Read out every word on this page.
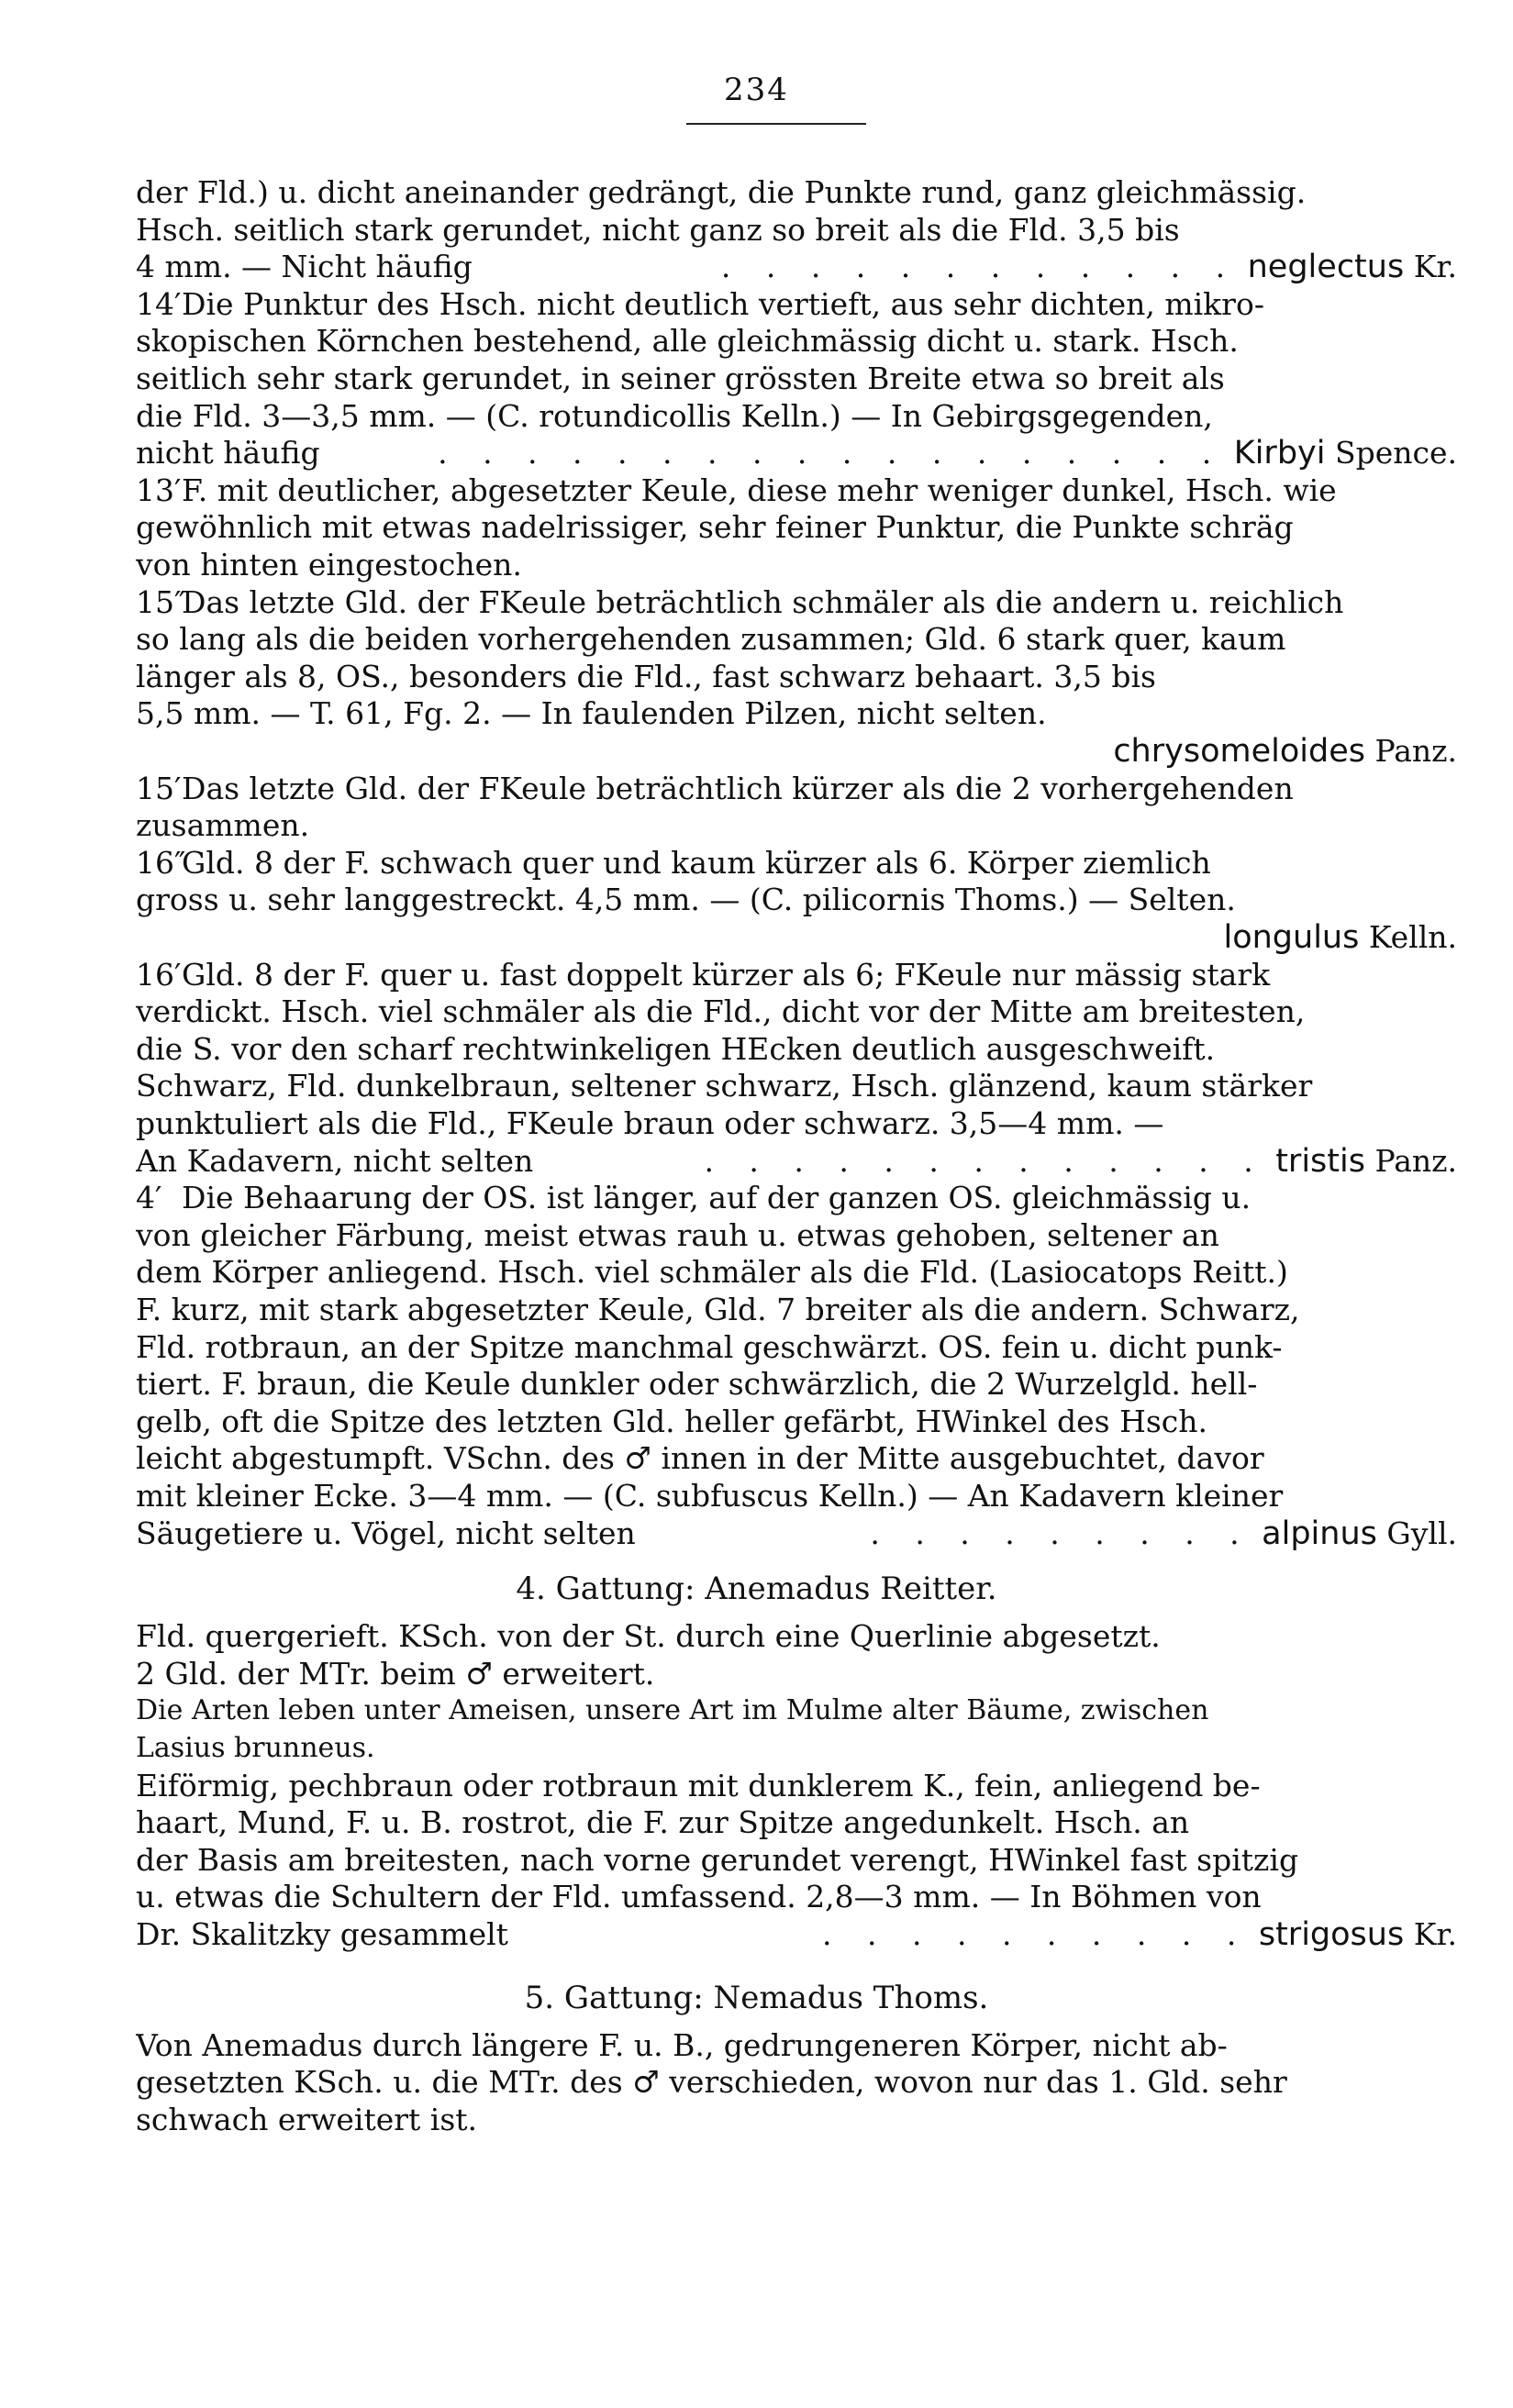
234
der Fld.) u. dicht aneinander gedrängt, die Punkte rund, ganz gleichmässig.
Hsch. seitlich stark gerundet, nicht ganz so breit als die Fld. 3,5 bis
4 mm. — Nicht häufig	. . . . . . . . . . . . neglectus Kr.
14′ Die Punktur des Hsch. nicht deutlich vertieft, aus sehr dichten, mikro-
skopischen Körnchen bestehend, alle gleichmässig dicht u. stark. Hsch.
seitlich sehr stark gerundet, in seiner grössten Breite etwa so breit als
die Fld. 3—3,5 mm. — (C. rotundicollis Kelln.) — In Gebirgsgegenden,
nicht häufig	. . . . . . . . . . . . . . . . . . Kirbyi Spence.
13′ F. mit deutlicher, abgesetzter Keule, diese mehr weniger dunkel, Hsch. wie
gewöhnlich mit etwas nadelrissiger, sehr feiner Punktur, die Punkte schräg
von hinten eingestochen.
15″
Das letzte Gld. der FKeule beträchtlich schmäler als die andern u. reichlich
so lang als die beiden vorhergehenden zusammen; Gld. 6 stark quer, kaum
länger als 8, OS., besonders die Fld., fast schwarz behaart. 3,5 bis
5,5 mm. — T. 61, Fg. 2. — In faulenden Pilzen, nicht selten.
chrysomeloides Panz.
15′ Das letzte Gld. der FKeule beträchtlich kürzer als die 2 vorhergehenden
zusammen.
16″
Gld. 8 der F. schwach quer und kaum kürzer als 6. Körper ziemlich
gross u. sehr langgestreckt. 4,5 mm. — (C. pilicornis Thoms.) — Selten.
longulus Kelln.
16′ Gld. 8 der F. quer u. fast doppelt kürzer als 6; FKeule nur mässig stark
verdickt. Hsch. viel schmäler als die Fld., dicht vor der Mitte am breitesten,
die S. vor den scharf rechtwinkeligen HEcken deutlich ausgeschweift.
Schwarz, Fld. dunkelbraun, seltener schwarz, Hsch. glänzend, kaum stärker
punktuliert als die Fld., FKeule braun oder schwarz. 3,5—4 mm. —
An Kadavern, nicht selten	. . . . . . . . . . . . . tristis Panz.
4′ Die Behaarung der OS. ist länger, auf der ganzen OS. gleichmässig u.
von gleicher Färbung, meist etwas rauh u. etwas gehoben, seltener an
dem Körper anliegend. Hsch. viel schmäler als die Fld. (Lasiocatops Reitt.)
F. kurz, mit stark abgesetzter Keule, Gld. 7 breiter als die andern. Schwarz,
Fld. rotbraun, an der Spitze manchmal geschwärzt. OS. fein u. dicht punk-
tiert. F. braun, die Keule dunkler oder schwärzlich, die 2 Wurzelgld. hell-
gelb, oft die Spitze des letzten Gld. heller gefärbt, HWinkel des Hsch.
leicht abgestumpft. VSchn. des ♂ innen in der Mitte ausgebuchtet, davor
mit kleiner Ecke. 3—4 mm. — (C. subfuscus Kelln.) — An Kadavern kleiner
Säugetiere u. Vögel, nicht selten	. . . . . . . . . alpinus Gyll.
4. Gattung: Anemadus Reitter.
Fld. quergerieft. KSch. von der St. durch eine Querlinie abgesetzt.
2 Gld. der MTr. beim ♂ erweitert.
Die Arten leben unter Ameisen, unsere Art im Mulme alter Bäume, zwischen
Lasius brunneus.
Eiförmig, pechbraun oder rotbraun mit dunklerem K., fein, anliegend be-
haart, Mund, F. u. B. rostrot, die F. zur Spitze angedunkelt. Hsch. an
der Basis am breitesten, nach vorne gerundet verengt, HWinkel fast spitzig
u. etwas die Schultern der Fld. umfassend. 2,8—3 mm. — In Böhmen von
Dr. Skalitzky gesammelt	. . . . . . . . . . strigosus Kr.
5. Gattung: Nemadus Thoms.
Von Anemadus durch längere F. u. B., gedrungeneren Körper, nicht ab-
gesetzten KSch. u. die MTr. des ♂ verschieden, wovon nur das 1. Gld. sehr
schwach erweitert ist.
